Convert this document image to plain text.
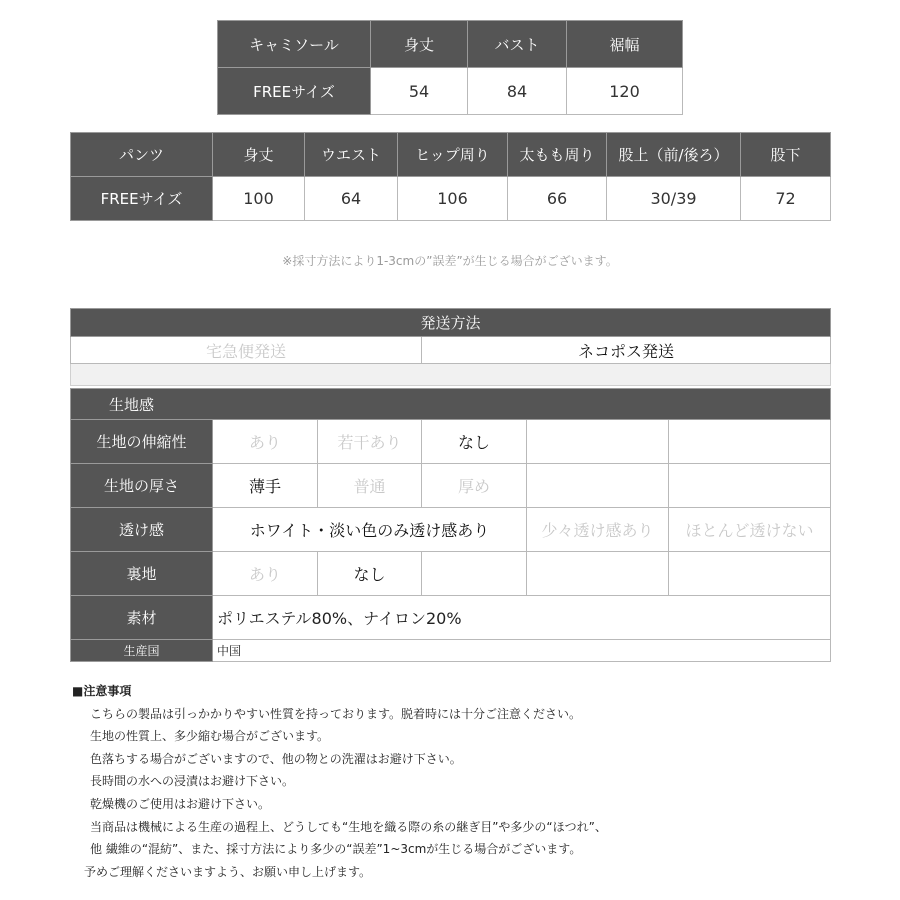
キャミソール	身丈	バスト	裾幅
FREEサイズ	54	84	120
パンツ	身丈	ウエスト	ヒップ周り	太もも周り	股上（前/後ろ）	股下
FREEサイズ	100	64	106	66	30/39	72
※採寸方法により1-3cmの”誤差”が生じる場合がございます。
発送方法
宅急便発送	ネコポス発送

生地感					
生地の伸縮性	あり	若干あり	なし		
生地の厚さ	薄手	普通	厚め		
透け感	ホワイト・淡い色のみ透け感あり			少々透け感あり	ほとんど透けない
裏地	あり	なし			
素材	ポリエステル80%、ナイロン20%				
生産国	中国				
■注意事項
こちらの製品は引っかかりやすい性質を持っております。脱着時には十分ご注意ください。
生地の性質上、多少縮む場合がございます。
色落ちする場合がございますので、他の物との洗濯はお避け下さい。
長時間の水への浸漬はお避け下さい。
乾燥機のご使用はお避け下さい。
当商品は機械による生産の過程上、どうしても“生地を織る際の糸の継ぎ目”や多少の“ほつれ”、
他 繊維の“混紡”、また、採寸方法により多少の“誤差”1~3cmが生じる場合がございます。
予めご理解くださいますよう、お願い申し上げます。
